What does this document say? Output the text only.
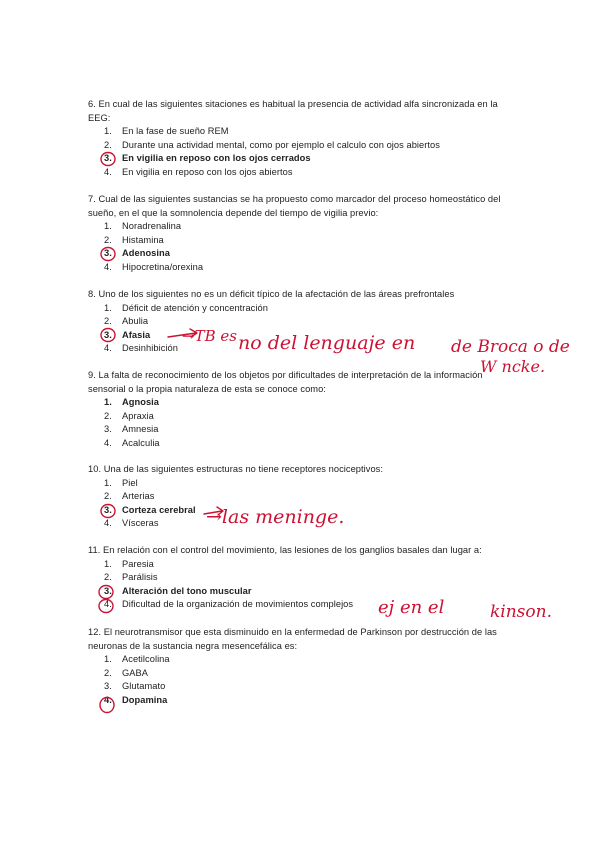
6. En cual de las siguientes sitaciones es habitual la presencia de actividad alfa sincronizada en la EEG:

1. En la fase de sueño REM
2. Durante una actividad mental, como por ejemplo el calculo con ojos abiertos
3. En vigilia en reposo con los ojos cerrados
4. En vigilia en reposo con los ojos abiertos

7. Cual de las siguientes sustancias se ha propuesto como marcador del proceso homeostático del sueño, en el que la somnolencia depende del tiempo de vigilia previo:

1. Noradrenalina
2. Histamina
3. Adenosina
4. Hipocretina/orexina

8. Uno de los siguientes no es un déficit típico de la afectación de las áreas prefrontales

1. Déficit de atención y concentración
2. Abulia
3. Afasia
4. Desinhibición

9. La falta de reconocimiento de los objetos por dificultades de interpretación de la información sensorial o la propia naturaleza de esta se conoce como:

1. Agnosia
2. Apraxia
3. Amnesia
4. Acalculia

10. Una de las siguientes estructuras no tiene receptores nociceptivos:

1. Piel
2. Arterias
3. Corteza cerebral
4. Vísceras

11. En relación con el control del movimiento, las lesiones de los ganglios basales dan lugar a:

1. Paresia
2. Parálisis
3. Alteración del tono muscular
4. Dificultad de la organización de movimientos complejos

12. El neurotransmisor que esta disminuido en la enfermedad de Parkinson por destrucción de las neuronas de la sustancia negra mesencefálica es:

1. Acetilcolina
2. GABA
3. Glutamato
4. Dopamina
→TB es no del lenguaje en de Broca o de
W ncke.
→las meninge.
ej en el	kinson.
